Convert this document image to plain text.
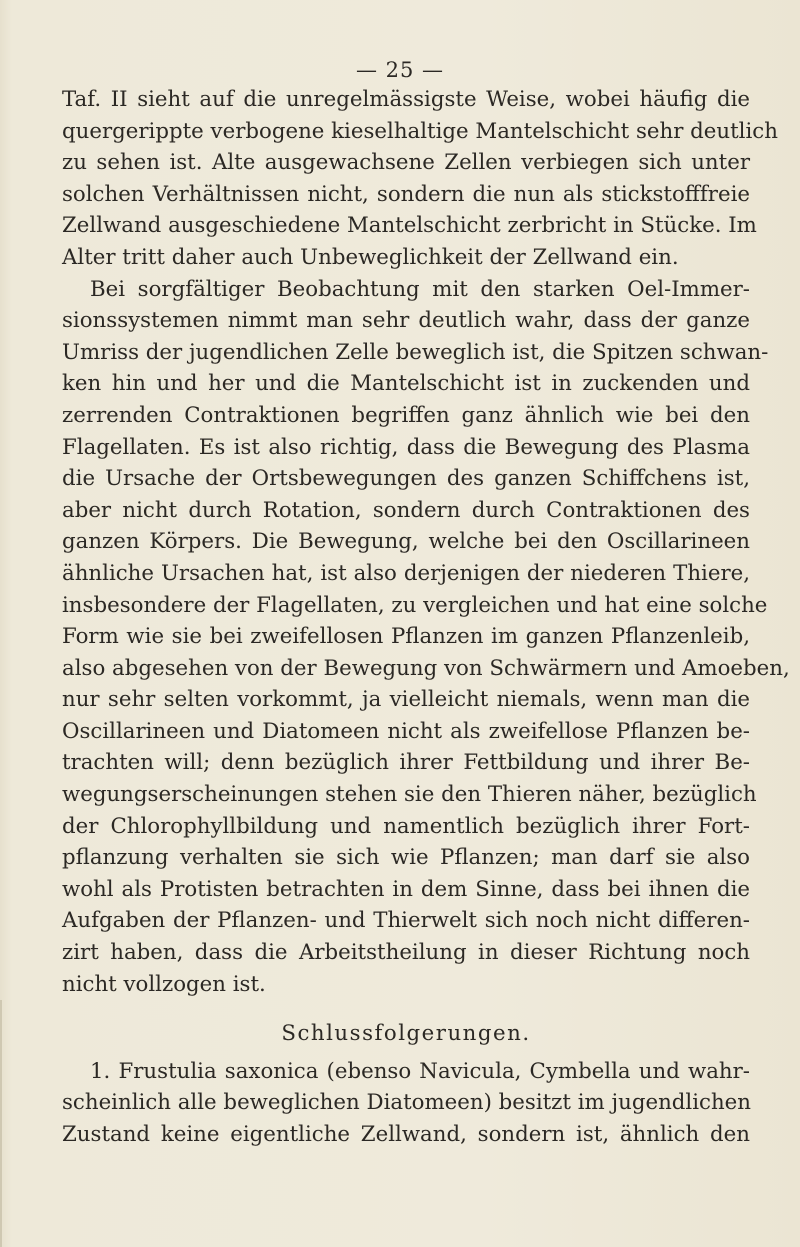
— 25 —
Taf. II sieht auf die unregelmässigste Weise, wobei häufig die
quergerippte verbogene kieselhaltige Mantelschicht sehr deutlich
zu sehen ist. Alte ausgewachsene Zellen verbiegen sich unter
solchen Verhältnissen nicht, sondern die nun als stickstofffreie
Zellwand ausgeschiedene Mantelschicht zerbricht in Stücke. Im
Alter tritt daher auch Unbeweglichkeit der Zellwand ein.
Bei sorgfältiger Beobachtung mit den starken Oel-Immer-
sionssystemen nimmt man sehr deutlich wahr, dass der ganze
Umriss der jugendlichen Zelle beweglich ist, die Spitzen schwan-
ken hin und her und die Mantelschicht ist in zuckenden und
zerrenden Contraktionen begriffen ganz ähnlich wie bei den
Flagellaten. Es ist also richtig, dass die Bewegung des Plasma
die Ursache der Ortsbewegungen des ganzen Schiffchens ist,
aber nicht durch Rotation, sondern durch Contraktionen des
ganzen Körpers. Die Bewegung, welche bei den Oscillarineen
ähnliche Ursachen hat, ist also derjenigen der niederen Thiere,
insbesondere der Flagellaten, zu vergleichen und hat eine solche
Form wie sie bei zweifellosen Pflanzen im ganzen Pflanzenleib,
also abgesehen von der Bewegung von Schwärmern und Amoeben,
nur sehr selten vorkommt, ja vielleicht niemals, wenn man die
Oscillarineen und Diatomeen nicht als zweifellose Pflanzen be-
trachten will; denn bezüglich ihrer Fettbildung und ihrer Be-
wegungserscheinungen stehen sie den Thieren näher, bezüglich
der Chlorophyllbildung und namentlich bezüglich ihrer Fort-
pflanzung verhalten sie sich wie Pflanzen; man darf sie also
wohl als Protisten betrachten in dem Sinne, dass bei ihnen die
Aufgaben der Pflanzen- und Thierwelt sich noch nicht differen-
zirt haben, dass die Arbeitstheilung in dieser Richtung noch
nicht vollzogen ist.
Schlussfolgerungen.
1. Frustulia saxonica (ebenso Navicula, Cymbella und wahr-
scheinlich alle beweglichen Diatomeen) besitzt im jugendlichen
Zustand keine eigentliche Zellwand, sondern ist, ähnlich den
